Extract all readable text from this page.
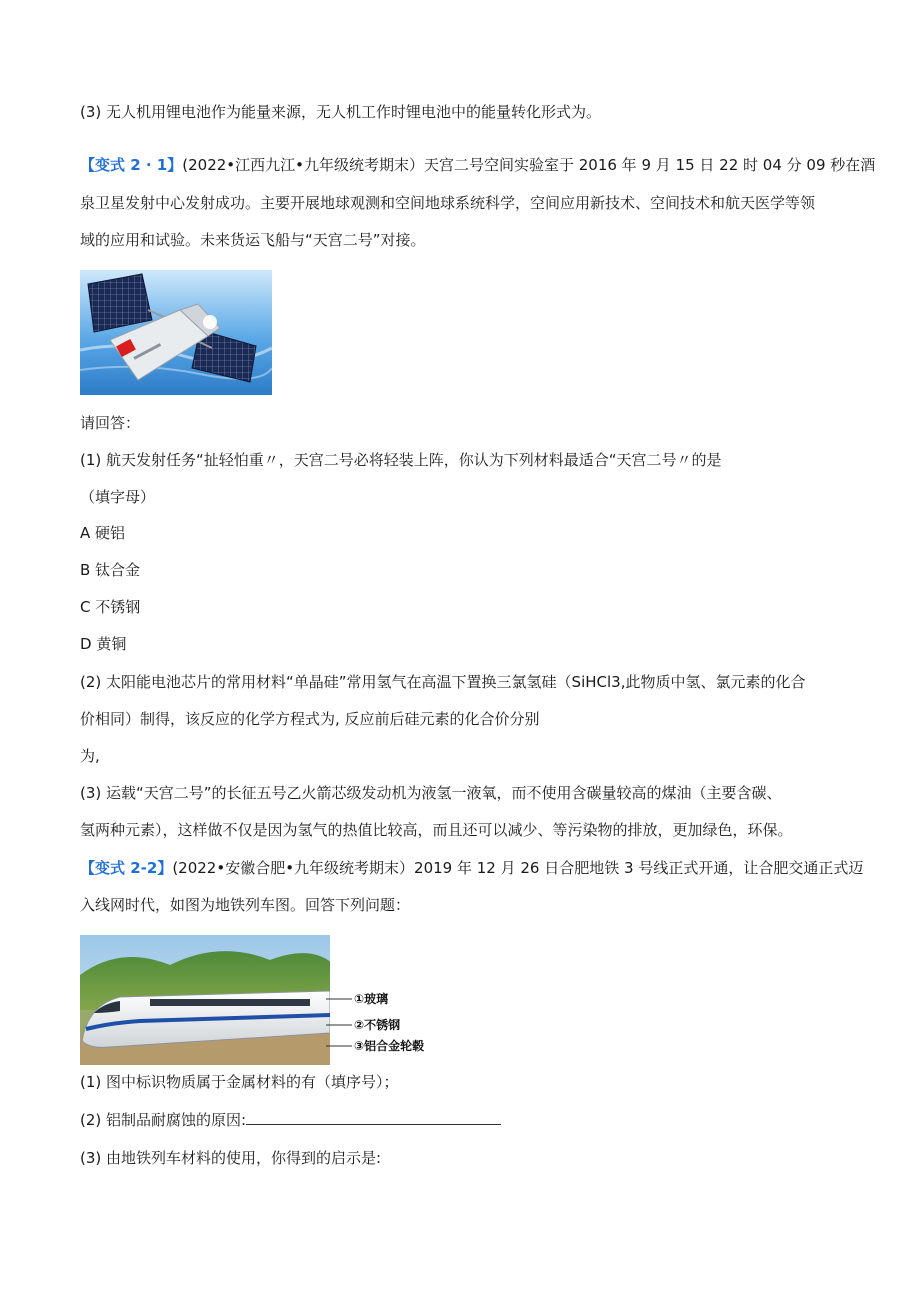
(3) 无人机用锂电池作为能量来源，无人机工作时锂电池中的能量转化形式为。
【变式 2 · 1】(2022•江西九江•九年级统考期末）天宫二号空间实验室于 2016 年 9 月 15 日 22 时 04 分 09 秒在酒
泉卫星发射中心发射成功。主要开展地球观测和空间地球系统科学，空间应用新技术、空间技术和航天医学等领
域的应用和试验。未来货运飞船与“天宫二号”对接。
请回答：
(1) 航天发射任务“扯轻怕重〃，天宫二号必将轻装上阵，你认为下列材料最适合“天宫二号〃的是
（填字母）
A 硬铝
B 钛合金
C 不锈钢
D 黄铜
(2) 太阳能电池芯片的常用材料“单晶硅”常用氢气在高温下置换三氯氢硅（SiHCl3,此物质中氢、氯元素的化合
价相同）制得，该反应的化学方程式为, 反应前后硅元素的化合价分别
为,
(3) 运载“天宫二号”的长征五号乙火箭芯级发动机为液氢一液氧，而不使用含碳量较高的煤油（主要含碳、
氢两种元素），这样做不仅是因为氢气的热值比较高，而且还可以减少、等污染物的排放，更加绿色，环保。
【变式 2-2】(2022•安徽合肥•九年级统考期末）2019 年 12 月 26 日合肥地铁 3 号线正式开通，让合肥交通正式迈
入线网时代，如图为地铁列车图。回答下列问题：
①玻璃
②不锈钢
③铝合金轮毂
(1) 图中标识物质属于金属材料的有（填序号）；
(2) 铝制品耐腐蚀的原因:
(3) 由地铁列车材料的使用，你得到的启示是:
